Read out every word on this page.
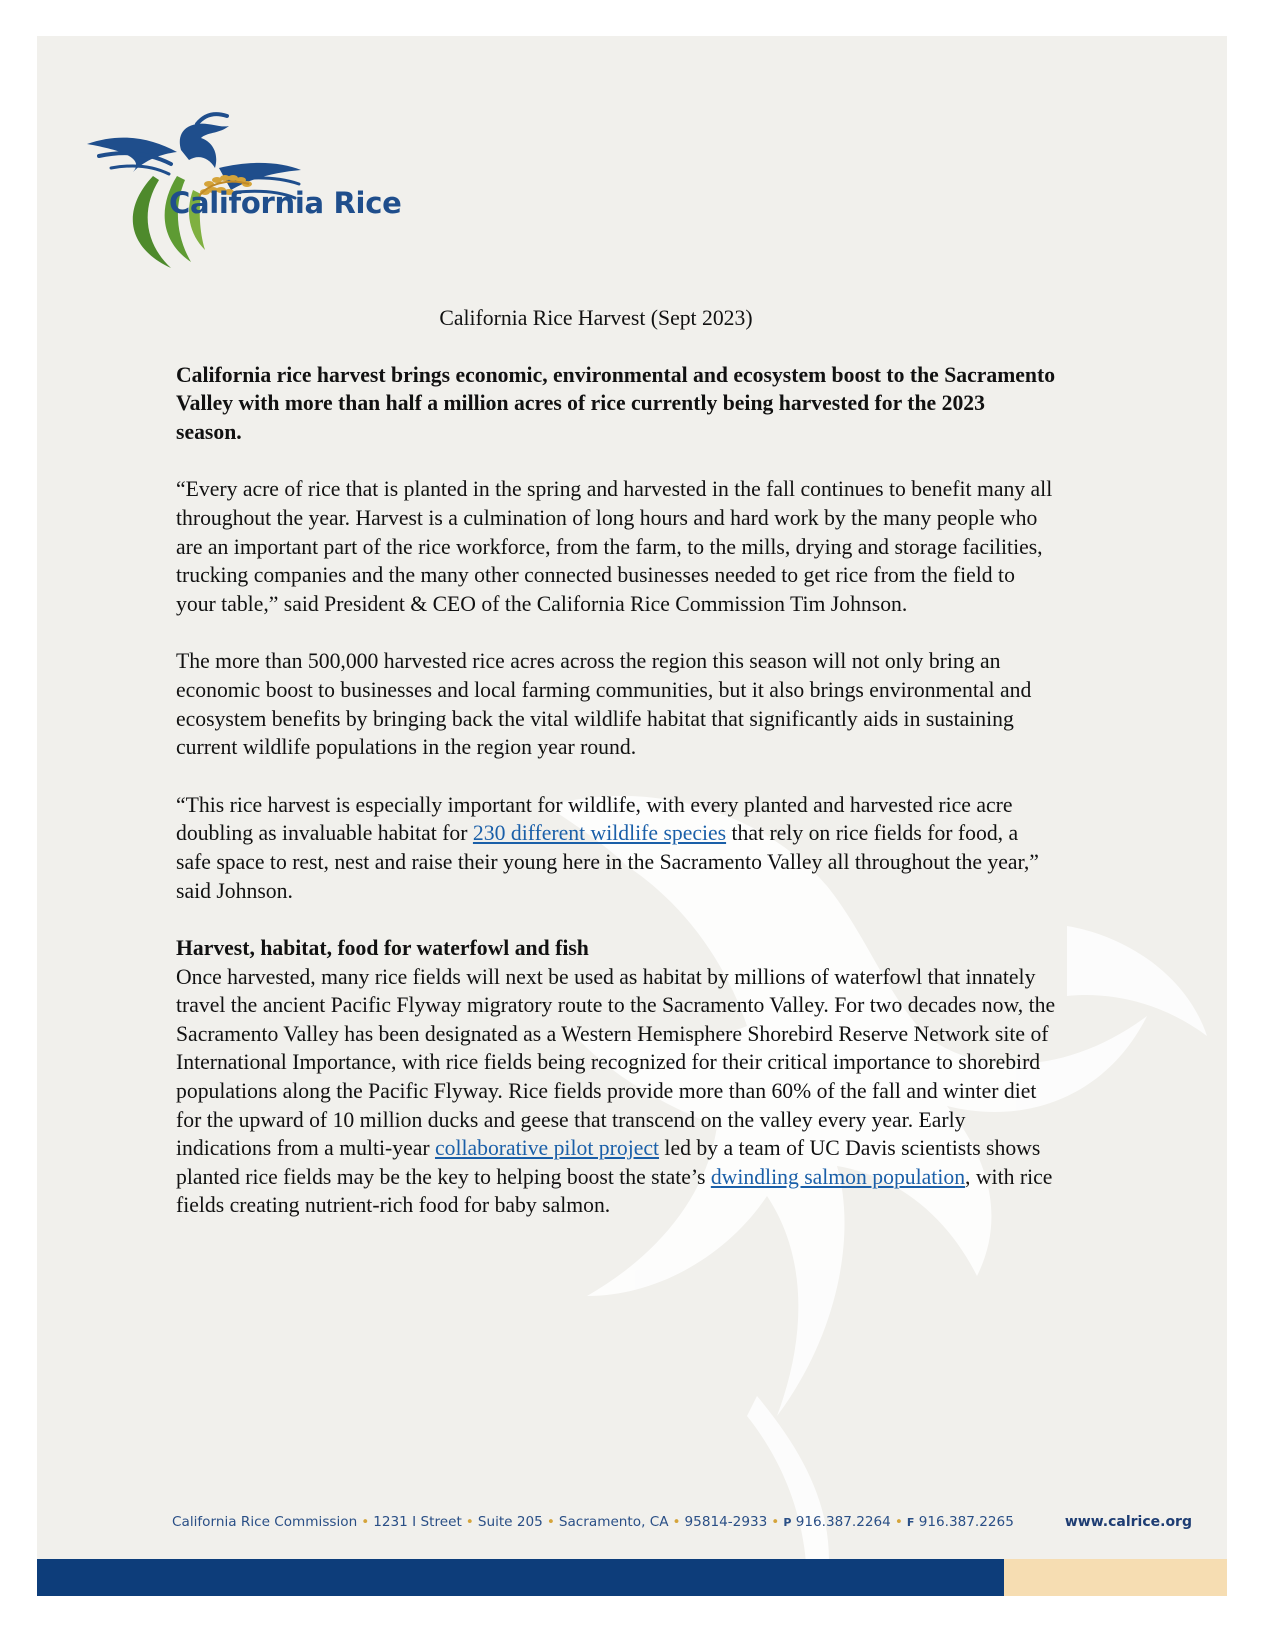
California Rice

California Rice Harvest (Sept 2023)

California rice harvest brings economic, environmental and ecosystem boost to the Sacramento Valley with more than half a million acres of rice currently being harvested for the 2023 season.

“Every acre of rice that is planted in the spring and harvested in the fall continues to benefit many all throughout the year. Harvest is a culmination of long hours and hard work by the many people who are an important part of the rice workforce, from the farm, to the mills, drying and storage facilities, trucking companies and the many other connected businesses needed to get rice from the field to your table,” said President & CEO of the California Rice Commission Tim Johnson.

The more than 500,000 harvested rice acres across the region this season will not only bring an economic boost to businesses and local farming communities, but it also brings environmental and ecosystem benefits by bringing back the vital wildlife habitat that significantly aids in sustaining current wildlife populations in the region year round.

“This rice harvest is especially important for wildlife, with every planted and harvested rice acre doubling as invaluable habitat for 230 different wildlife species that rely on rice fields for food, a safe space to rest, nest and raise their young here in the Sacramento Valley all throughout the year,” said Johnson.

Harvest, habitat, food for waterfowl and fish

Once harvested, many rice fields will next be used as habitat by millions of waterfowl that innately travel the ancient Pacific Flyway migratory route to the Sacramento Valley. For two decades now, the Sacramento Valley has been designated as a Western Hemisphere Shorebird Reserve Network site of International Importance, with rice fields being recognized for their critical importance to shorebird populations along the Pacific Flyway. Rice fields provide more than 60% of the fall and winter diet for the upward of 10 million ducks and geese that transcend on the valley every year. Early indications from a multi-year collaborative pilot project led by a team of UC Davis scientists shows planted rice fields may be the key to helping boost the state’s dwindling salmon population, with rice fields creating nutrient-rich food for baby salmon.

California Rice Commission • 1231 I Street • Suite 205 • Sacramento, CA • 95814-2933 • P 916.387.2264 • F 916.387.2265	www.calrice.org
